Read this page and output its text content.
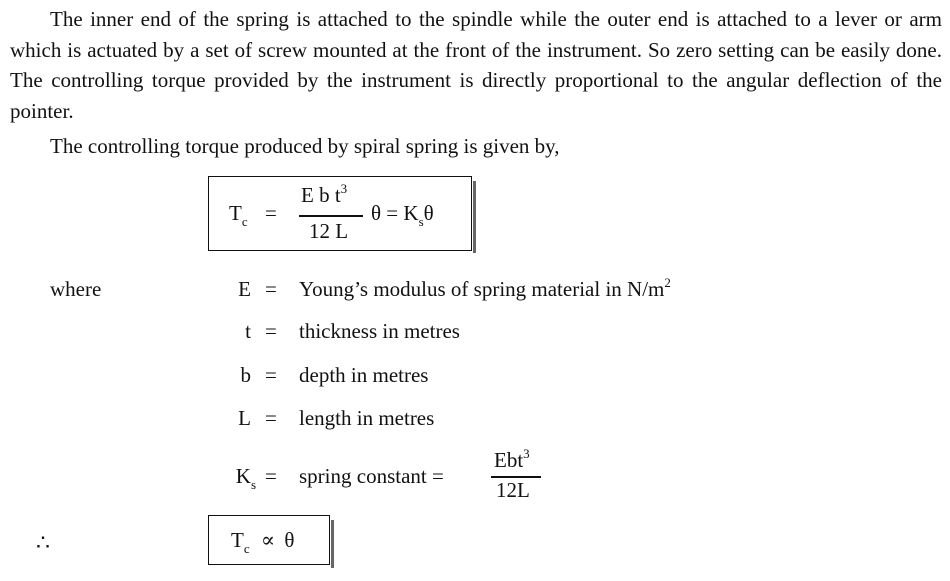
The inner end of the spring is attached to the spindle while the outer end is attached to a lever or arm which is actuated by a set of screw mounted at the front of the instrument. So zero setting can be easily done. The controlling torque provided by the instrument is directly proportional to the angular deflection of the pointer.
The controlling torque produced by spiral spring is given by,
$T_c$ =
E b $t^3$
12 L
$\theta = K_s\theta$
where	E = Young’s modulus of spring material in $N/m^2$
t = thickness in metres
b = depth in metres
L = length in metres
$K_s$ = spring constant =
Ebt$^3$
12L
∴	$T_c \propto \theta$
